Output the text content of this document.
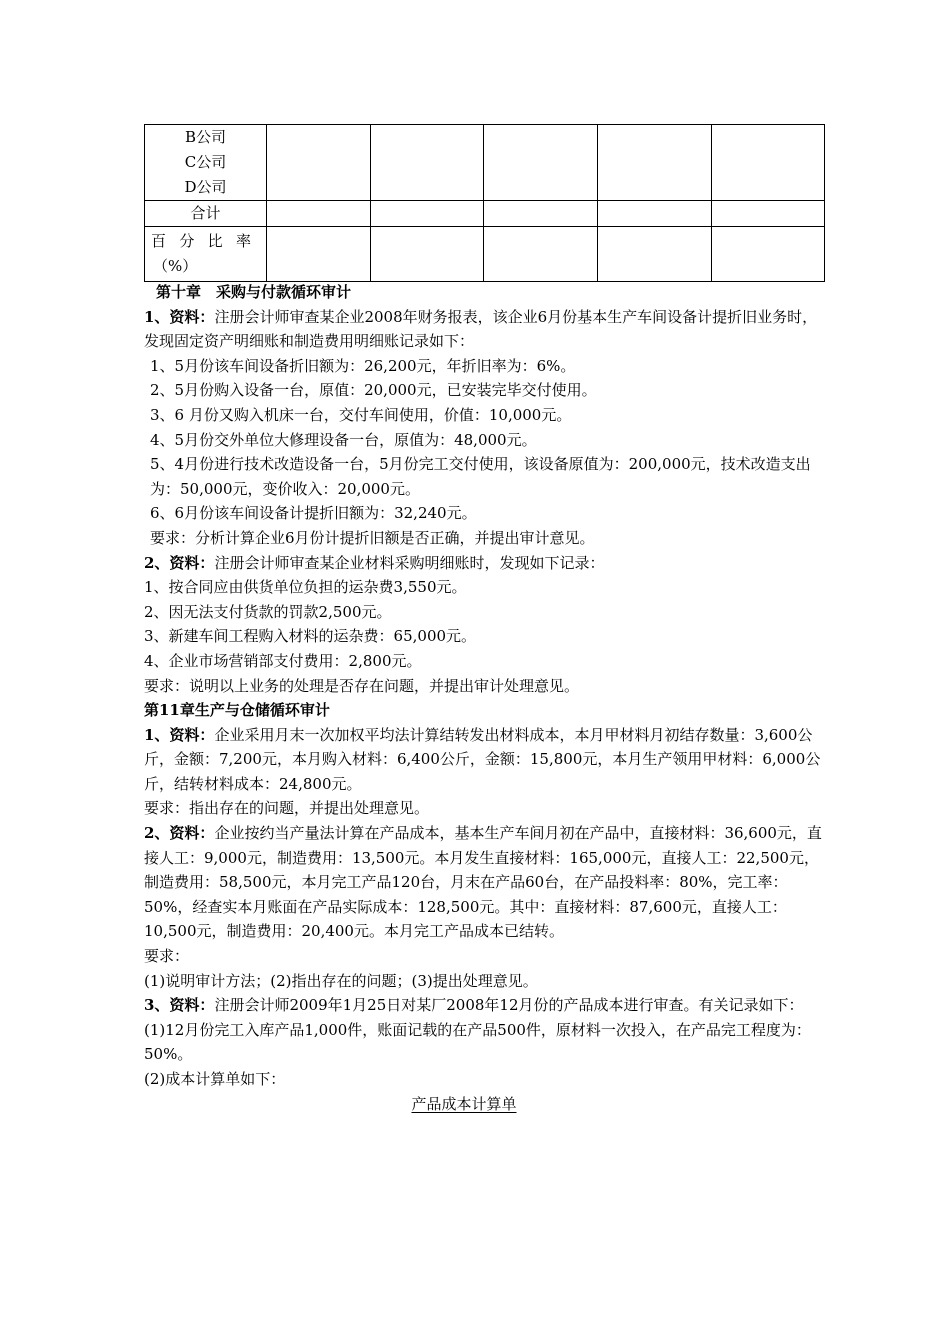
B公司
C公司
D公司					

合计					

百 分 比 率
（%）					

第十章　采购与付款循环审计

1、资料：注册会计师审查某企业2008年财务报表，该企业6月份基本生产车间设备计提折旧业务时，发现固定资产明细账和制造费用明细账记录如下：

1、5月份该车间设备折旧额为：26,200元，年折旧率为：6%。

2、5月份购入设备一台，原值：20,000元，已安装完毕交付使用。

3、6 月份又购入机床一台，交付车间使用，价值：10,000元。

4、5月份交外单位大修理设备一台，原值为：48,000元。

5、4月份进行技术改造设备一台，5月份完工交付使用，该设备原值为：200,000元，技术改造支出为：50,000元，变价收入：20,000元。

6、6月份该车间设备计提折旧额为：32,240元。

要求：分析计算企业6月份计提折旧额是否正确，并提出审计意见。

2、资料：注册会计师审查某企业材料采购明细账时，发现如下记录：

1、按合同应由供货单位负担的运杂费3,550元。

2、因无法支付货款的罚款2,500元。

3、新建车间工程购入材料的运杂费：65,000元。

4、企业市场营销部支付费用：2,800元。

要求：说明以上业务的处理是否存在问题，并提出审计处理意见。

第11章生产与仓储循环审计

1、资料：企业采用月末一次加权平均法计算结转发出材料成本，本月甲材料月初结存数量：3,600公斤，金额：7,200元，本月购入材料：6,400公斤，金额：15,800元，本月生产领用甲材料：6,000公斤，结转材料成本：24,800元。

要求：指出存在的问题，并提出处理意见。

2、资料：企业按约当产量法计算在产品成本，基本生产车间月初在产品中，直接材料：36,600元，直接人工：9,000元，制造费用：13,500元。本月发生直接材料：165,000元，直接人工：22,500元，制造费用：58,500元，本月完工产品120台，月末在产品60台，在产品投料率：80%，完工率：50%，经查实本月账面在产品实际成本：128,500元。其中：直接材料：87,600元，直接人工：10,500元，制造费用：20,400元。本月完工产品成本已结转。

要求：

(1)说明审计方法；(2)指出存在的问题；(3)提出处理意见。

3、资料：注册会计师2009年1月25日对某厂2008年12月份的产品成本进行审查。有关记录如下：

(1)12月份完工入库产品1,000件，账面记载的在产品500件，原材料一次投入，在产品完工程度为：50%。

(2)成本计算单如下：

产品成本计算单
